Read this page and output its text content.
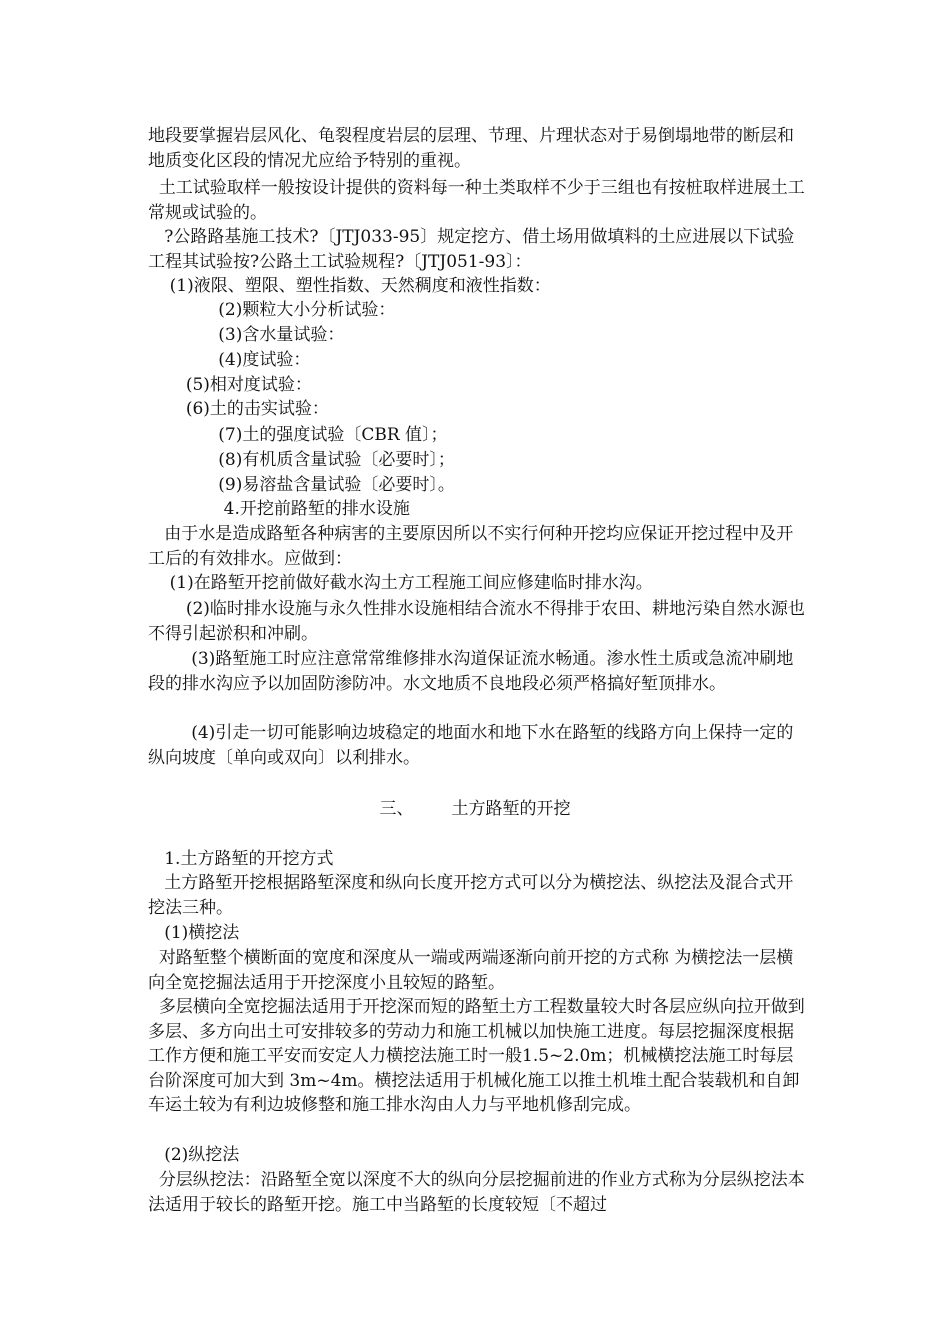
地段要掌握岩层风化、龟裂程度岩层的层理、节理、片理状态对于易倒塌地带的断层和地质变化区段的情况尤应给予特别的重视。

土工试验取样一般按设计提供的资料每一种土类取样不少于三组也有按桩取样进展土工常规或试验的。

?公路路基施工技术?〔JTJ033-95〕规定挖方、借土场用做填料的土应进展以下试验工程其试验按?公路土工试验规程?〔JTJ051-93〕：

(1)液限、塑限、塑性指数、天然稠度和液性指数：

(2)颗粒大小分析试验：

(3)含水量试验：

(4)度试验：

(5)相对度试验：

(6)土的击实试验：

(7)土的强度试验〔CBR 值〕；

(8)有机质含量试验〔必要时〕；

(9)易溶盐含量试验〔必要时〕。

4.开挖前路堑的排水设施

由于水是造成路堑各种病害的主要原因所以不实行何种开挖均应保证开挖过程中及开工后的有效排水。应做到：

(1)在路堑开挖前做好截水沟土方工程施工间应修建临时排水沟。

(2)临时排水设施与永久性排水设施相结合流水不得排于农田、耕地污染自然水源也不得引起淤积和冲刷。

(3)路堑施工时应注意常常维修排水沟道保证流水畅通。渗水性土质或急流冲刷地段的排水沟应予以加固防渗防冲。水文地质不良地段必须严格搞好堑顶排水。

(4)引走一切可能影响边坡稳定的地面水和地下水在路堑的线路方向上保持一定的纵向坡度〔单向或双向〕以利排水。

三、 土方路堑的开挖

1.土方路堑的开挖方式

土方路堑开挖根据路堑深度和纵向长度开挖方式可以分为横挖法、纵挖法及混合式开挖法三种。

(1)横挖法

对路堑整个横断面的宽度和深度从一端或两端逐渐向前开挖的方式称 为横挖法一层横向全宽挖掘法适用于开挖深度小且较短的路堑。

多层横向全宽挖掘法适用于开挖深而短的路堑土方工程数量较大时各层应纵向拉开做到多层、多方向出土可安排较多的劳动力和施工机械以加快施工进度。每层挖掘深度根据工作方便和施工平安而安定人力横挖法施工时一般1.5~2.0m；机械横挖法施工时每层台阶深度可加大到 3m~4m。横挖法适用于机械化施工以推土机堆土配合装载机和自卸车运土较为有利边坡修整和施工排水沟由人力与平地机修刮完成。

(2)纵挖法

分层纵挖法：沿路堑全宽以深度不大的纵向分层挖掘前进的作业方式称为分层纵挖法本法适用于较长的路堑开挖。施工中当路堑的长度较短〔不超过
